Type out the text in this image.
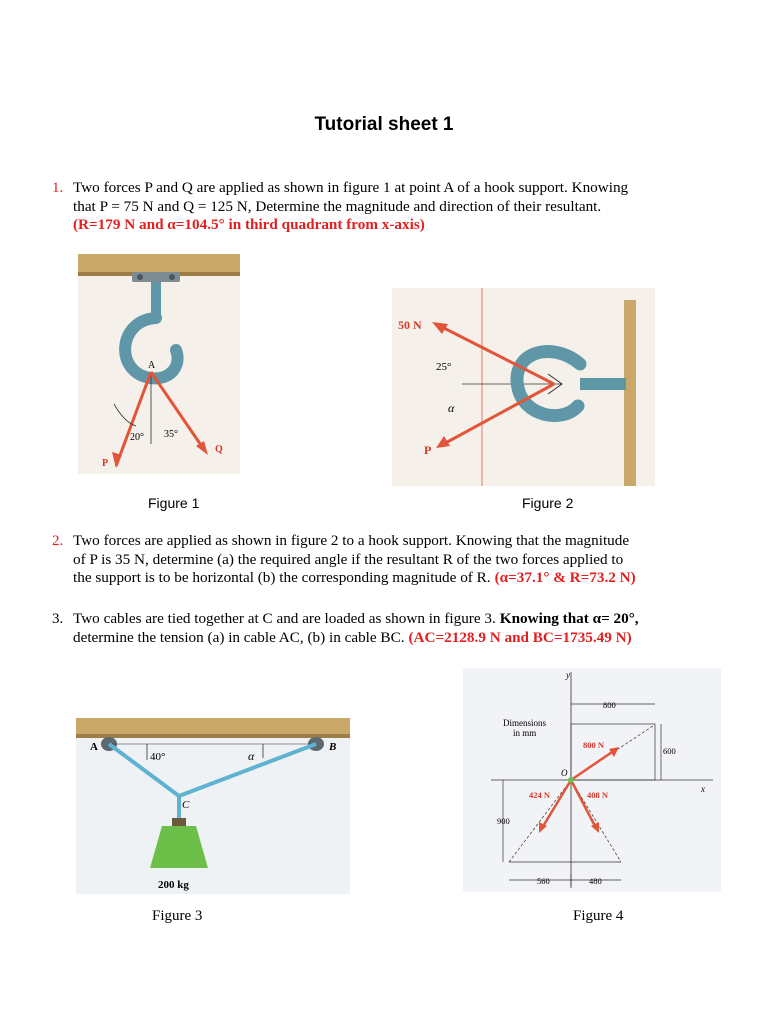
Tutorial sheet 1
1. Two forces P and Q are applied as shown in figure 1 at point A of a hook support. Knowing
that P = 75 N and Q = 125 N, Determine the magnitude and direction of their resultant.
(R=179 N and α=104.5° in third quadrant from x-axis)
A
20° 35°
P
Q
50 N
25°
α
P
Figure 1	Figure 2
2. Two forces are applied as shown in figure 2 to a hook support. Knowing that the magnitude
of P is 35 N, determine (a) the required angle if the resultant R of the two forces applied to
the support is to be horizontal (b) the corresponding magnitude of R. (α=37.1° & R=73.2 N)
3. Two cables are tied together at C and are loaded as shown in figure 3. Knowing that α= 20°,
determine the tension (a) in cable AC, (b) in cable BC. (AC=2128.9 N and BC=1735.49 N)
A	B
40°	α
C
200 kg
Dimensions
in mm
y
x
O
800 N
424 N	408 N
800
600
900
560	480
Figure 3	Figure 4
